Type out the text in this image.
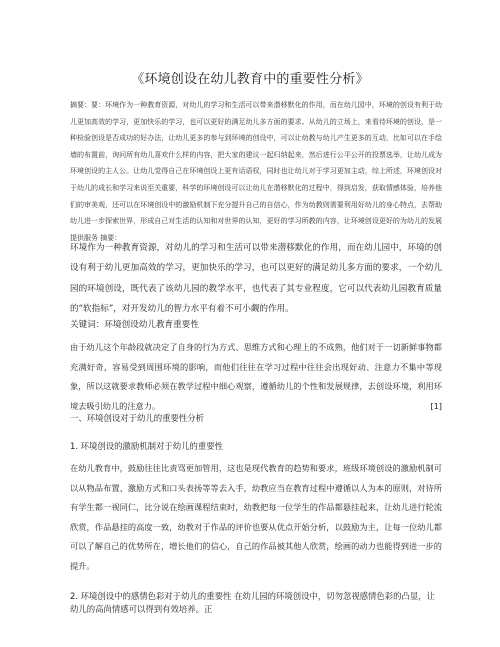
《环境创设在幼儿教育中的重要性分析》
摘要：要：环境作为一种教育资源，对幼儿的学习和生活可以带来潜移默化的作用，而在幼儿园中，环境的创设有利于幼儿更加高效的学习，更加快乐的学习，也可以更好的满足幼儿多方面的要求。从幼儿的立场上，来看待环境的创设，是一种检验创设是否成功的好办法，让幼儿更多的参与到环境的创设中，可以让幼教与幼儿产生更多的互动，比如可以在手绘墙的布置前，询问所有幼儿喜欢什么样的内容，把大家的建议一起归纳起来，然后进行公平公开的投票选举，让幼儿成为环境创设的主人公。让幼儿觉得自己在环境创设上更有话语权，同时也让幼儿对于学习更加主动，综上所述，环境创设对于幼儿的成长和学习来说至关重要，科学的环境创设可以让幼儿在潜移默化的过程中，得到启发，获取情感体验，培养他们的审美观，还可以在环境创设中的激励机制下充分提升自己的自信心，作为幼教则需要利用好幼儿的身心特点，去帮助幼儿进一步探索世界，形成自己对生活的认知和对世界的认知，更好的学习所教的内容，让环境创设更好的为幼儿的发展提供服务 摘要：
环境作为一种教育资源，对幼儿的学习和生活可以带来潜移默化的作用，而在幼儿园中，环境的创设有利于幼儿更加高效的学习，更加快乐的学习，也可以更好的满足幼儿多方面的要求，一个幼儿园的环境创设，既代表了该幼儿园的教学水平，也代表了其专业程度，它可以代表幼儿园教育质量的“软指标”，对开发幼儿的智力水平有着不可小觑的作用。
关键词：环境创设幼儿教育重要性
由于幼儿这个年龄段就决定了自身的行为方式、思维方式和心理上的不成熟，他们对于一切新鲜事物都充满好奇，容易受到周围环境的影响，而他们往往在学习过程中往往会出现好动、注意力不集中等现象，所以这就要求教师必须在教学过程中细心观察，遵循幼儿的个性和发展规律，去创设环境，利用环境去吸引幼儿的注意力。	[1]
一、环境创设对于幼儿的重要性分析
1. 环境创设的激励机制对于幼儿的重要性
在幼儿教育中，鼓励往往比责骂更加管用，这也是现代教育的趋势和要求，班级环境创设的激励机制可以从物品布置、激励方式和口头表扬等等去入手，幼教应当在教育过程中遵循以人为本的原则，对待所有学生都一视同仁，比分说在绘画课程结束时，幼教把每一位学生的作品都悬挂起来，让幼儿进行轮流欣赏，作品悬挂的高度一致，幼教对于作品的评价也要从优点开始分析，以鼓励为主，让每一位幼儿都可以了解自己的优势所在，增长他们的信心，自己的作品被其他人欣赏，绘画的动力也能得到进一步的提升。
2. 环境创设中的感情色彩对于幼儿的重要性 在幼儿园的环境创设中，切勿忽视感情色彩的凸显，让幼儿的高尚情感可以得到有效培养。正
